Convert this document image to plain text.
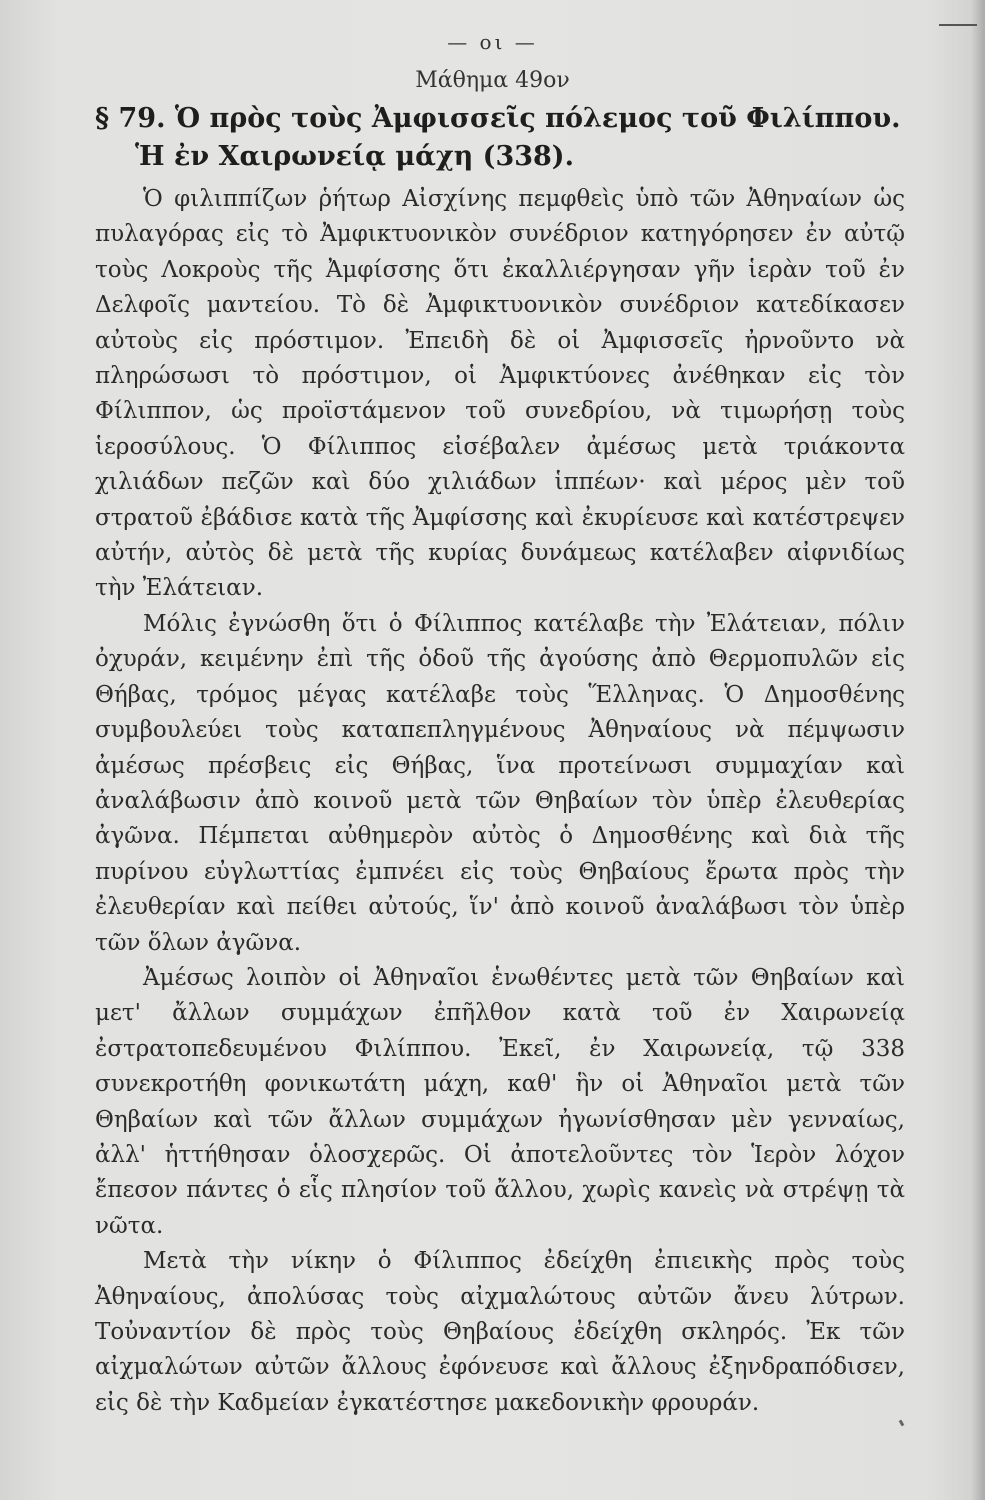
— οι —
Μάθημα 49ον
§ 79. Ὁ πρὸς τοὺς Ἀμφισσεῖς πόλεμος τοῦ Φιλίππου.
Ἡ ἐν Χαιρωνείᾳ μάχη (338).

Ὁ φιλιππίζων ῥήτωρ Αἰσχίνης πεμφθεὶς ὑπὸ τῶν Ἀθηναίων ὡς πυλαγόρας εἰς τὸ Ἀμφικτυονικὸν συνέδριον κατηγόρησεν ἐν αὐτῷ τοὺς Λοκροὺς τῆς Ἀμφίσσης ὅτι ἐκαλλιέργησαν γῆν ἱερὰν τοῦ ἐν Δελφοῖς μαντείου. Τὸ δὲ Ἀμφικτυονικὸν συνέδριον κατεδίκασεν αὐτοὺς εἰς πρόστιμον. Ἐπειδὴ δὲ οἱ Ἀμφισσεῖς ἠρνοῦντο νὰ πληρώσωσι τὸ πρόστιμον, οἱ Ἀμφικτύονες ἀνέθηκαν εἰς τὸν Φίλιππον, ὡς προϊστάμενον τοῦ συνεδρίου, νὰ τιμωρήσῃ τοὺς ἱεροσύλους. Ὁ Φίλιππος εἰσέβαλεν ἀμέσως μετὰ τριάκοντα χιλιάδων πεζῶν καὶ δύο χιλιάδων ἱππέων· καὶ μέρος μὲν τοῦ στρατοῦ ἐβάδισε κατὰ τῆς Ἀμφίσσης καὶ ἐκυρίευσε καὶ κατέστρεψεν αὐτήν, αὐτὸς δὲ μετὰ τῆς κυρίας δυνάμεως κατέλαβεν αἰφνιδίως τὴν Ἐλάτειαν.

Μόλις ἐγνώσθη ὅτι ὁ Φίλιππος κατέλαβε τὴν Ἐλάτειαν, πόλιν ὀχυράν, κειμένην ἐπὶ τῆς ὁδοῦ τῆς ἀγούσης ἀπὸ Θερμοπυλῶν εἰς Θήβας, τρόμος μέγας κατέλαβε τοὺς Ἕλληνας. Ὁ Δημοσθένης συμβουλεύει τοὺς καταπεπληγμένους Ἀθηναίους νὰ πέμψωσιν ἀμέσως πρέσβεις εἰς Θήβας, ἵνα προτείνωσι συμμαχίαν καὶ ἀναλάβωσιν ἀπὸ κοινοῦ μετὰ τῶν Θηβαίων τὸν ὑπὲρ ἐλευθερίας ἀγῶνα. Πέμπεται αὐθημερὸν αὐτὸς ὁ Δημοσθένης καὶ διὰ τῆς πυρίνου εὐγλωττίας ἐμπνέει εἰς τοὺς Θηβαίους ἔρωτα πρὸς τὴν ἐλευθερίαν καὶ πείθει αὐτούς, ἵν' ἀπὸ κοινοῦ ἀναλάβωσι τὸν ὑπὲρ τῶν ὅλων ἀγῶνα.

Ἀμέσως λοιπὸν οἱ Ἀθηναῖοι ἑνωθέντες μετὰ τῶν Θηβαίων καὶ μετ' ἄλλων συμμάχων ἐπῆλθον κατὰ τοῦ ἐν Χαιρωνείᾳ ἐστρατοπεδευμένου Φιλίππου. Ἐκεῖ, ἐν Χαιρωνείᾳ, τῷ 338 συνεκροτήθη φονικωτάτη μάχη, καθ' ἣν οἱ Ἀθηναῖοι μετὰ τῶν Θηβαίων καὶ τῶν ἄλλων συμμάχων ἠγωνίσθησαν μὲν γενναίως, ἀλλ' ἡττήθησαν ὁλοσχερῶς. Οἱ ἀποτελοῦντες τὸν Ἱερὸν λόχον ἔπεσον πάντες ὁ εἷς πλησίον τοῦ ἄλλου, χωρὶς κανεὶς νὰ στρέψῃ τὰ νῶτα.

Μετὰ τὴν νίκην ὁ Φίλιππος ἐδείχθη ἐπιεικὴς πρὸς τοὺς Ἀθηναίους, ἀπολύσας τοὺς αἰχμαλώτους αὐτῶν ἄνευ λύτρων. Τοὐναντίον δὲ πρὸς τοὺς Θηβαίους ἐδείχθη σκληρός. Ἐκ τῶν αἰχμαλώτων αὐτῶν ἄλλους ἐφόνευσε καὶ ἄλλους ἐξηνδραπόδισεν, εἰς δὲ τὴν Καδμείαν ἐγκατέστησε μακεδονικὴν φρουράν.
